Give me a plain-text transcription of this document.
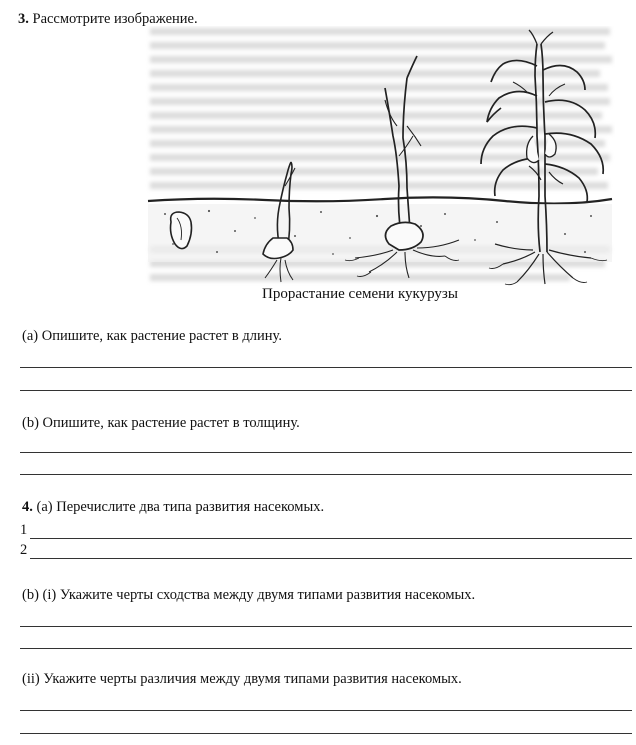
3. Рассмотрите изображение.
Прорастание семени кукурузы
(a) Опишите, как растение растет в длину.
(b) Опишите, как растение растет в толщину.
4. (a) Перечислите два типа развития насекомых.
1
2
(b) (i) Укажите черты сходства между двумя типами развития насекомых.
(ii) Укажите черты различия между двумя типами развития насекомых.
